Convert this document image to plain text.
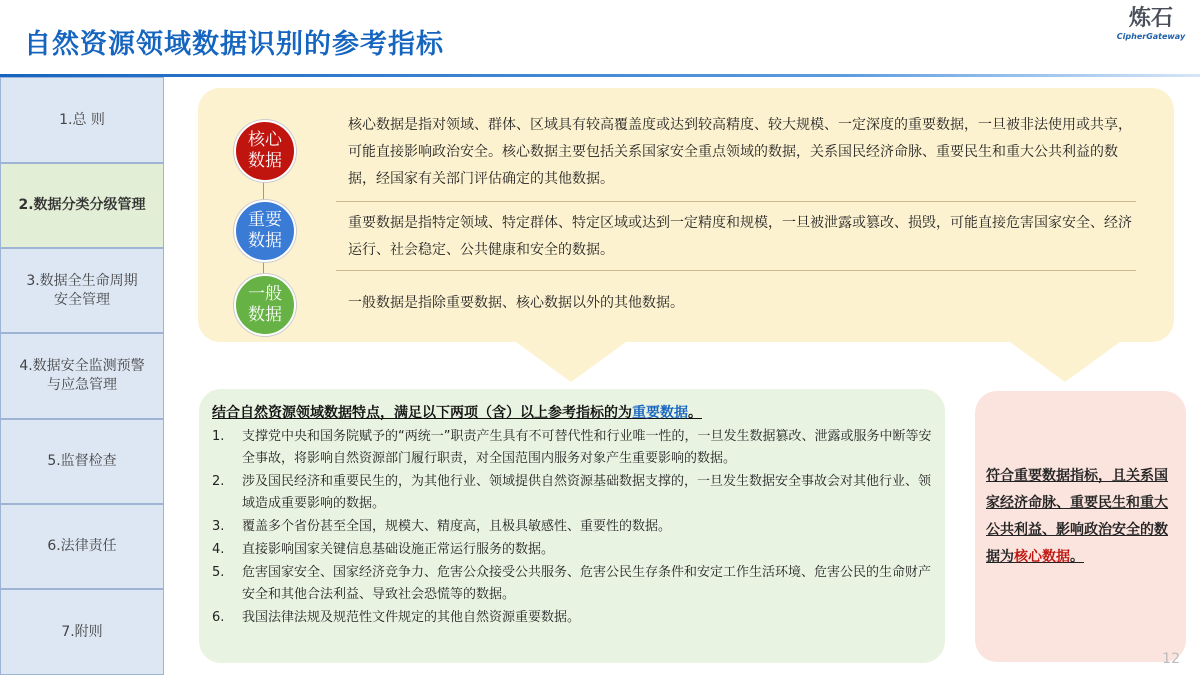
自然资源领域数据识别的参考指标
炼石
CipherGateway
1.总 则
2.数据分类分级管理
3.数据全生命周期
安全管理
4.数据安全监测预警
与应急管理
5.监督检查
6.法律责任
7.附则
核心
数据
重要
数据
一般
数据
核心数据是指对领域、群体、区域具有较高覆盖度或达到较高精度、较大规模、一定深度的重要数据，一旦被非法使用或共享，可能直接影响政治安全。核心数据主要包括关系国家安全重点领域的数据，关系国民经济命脉、重要民生和重大公共利益的数据，经国家有关部门评估确定的其他数据。
重要数据是指特定领域、特定群体、特定区域或达到一定精度和规模，一旦被泄露或篡改、损毁，可能直接危害国家安全、经济运行、社会稳定、公共健康和安全的数据。
一般数据是指除重要数据、核心数据以外的其他数据。
结合自然资源领域数据特点，满足以下两项（含）以上参考指标的为重要数据。
1. 支撑党中央和国务院赋予的“两统一”职责产生具有不可替代性和行业唯一性的，一旦发生数据篡改、泄露或服务中断等安全事故，将影响自然资源部门履行职责，对全国范围内服务对象产生重要影响的数据。
2. 涉及国民经济和重要民生的，为其他行业、领域提供自然资源基础数据支撑的，一旦发生数据安全事故会对其他行业、领域造成重要影响的数据。
3. 覆盖多个省份甚至全国，规模大、精度高，且极具敏感性、重要性的数据。
4. 直接影响国家关键信息基础设施正常运行服务的数据。
5. 危害国家安全、国家经济竞争力、危害公众接受公共服务、危害公民生存条件和安定工作生活环境、危害公民的生命财产安全和其他合法利益、导致社会恐慌等的数据。
6. 我国法律法规及规范性文件规定的其他自然资源重要数据。
符合重要数据指标，且关系国家经济命脉、重要民生和重大公共利益、影响政治安全的数据为核心数据。
12
